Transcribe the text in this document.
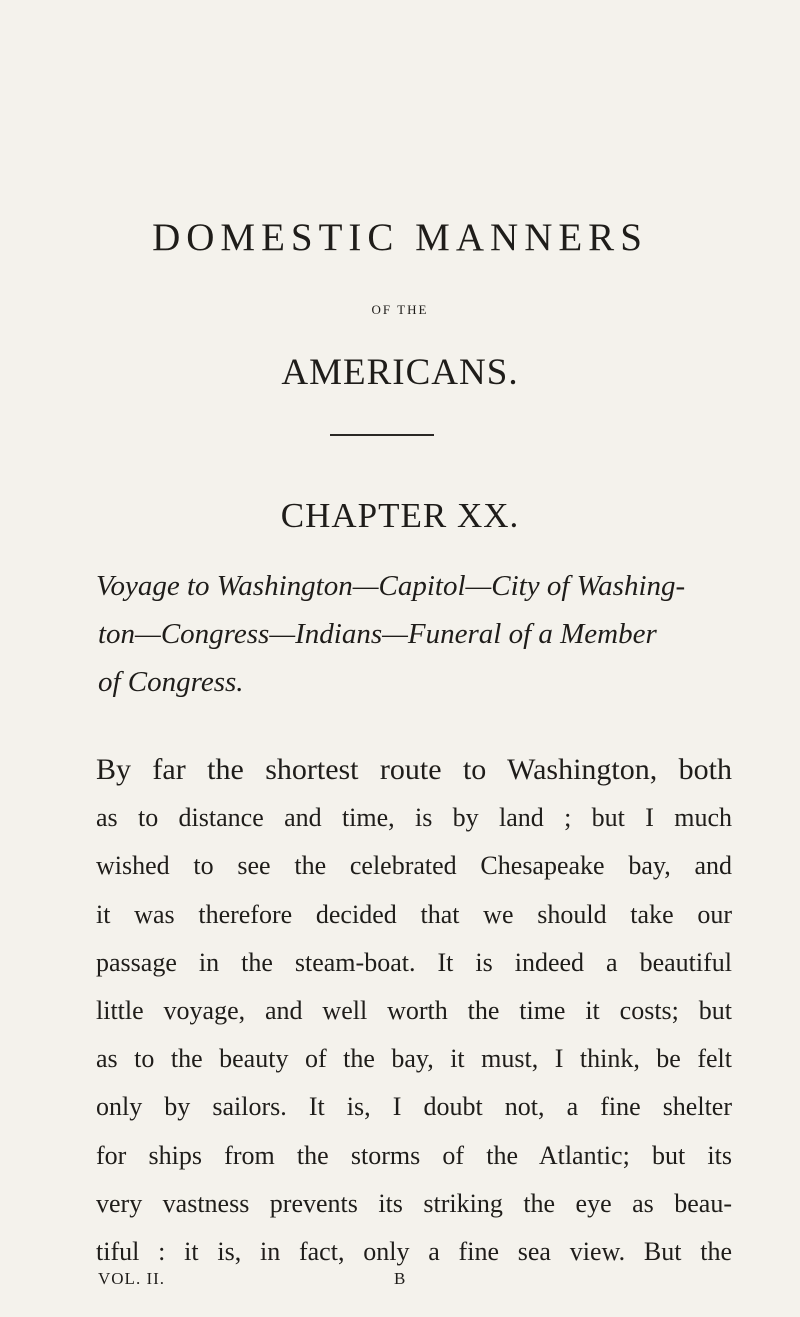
DOMESTIC MANNERS
OF THE
AMERICANS.
CHAPTER XX.
Voyage to Washington—Capitol—City of Washing-
ton—Congress—Indians—Funeral of a Member
of Congress.
By far the shortest route to Washington, both
as to distance and time, is by land ; but I much
wished to see the celebrated Chesapeake bay, and
it was therefore decided that we should take our
passage in the steam-boat. It is indeed a beautiful
little voyage, and well worth the time it costs; but
as to the beauty of the bay, it must, I think, be felt
only by sailors. It is, I doubt not, a fine shelter
for ships from the storms of the Atlantic; but its
very vastness prevents its striking the eye as beau-
tiful : it is, in fact, only a fine sea view. But the
VOL. II.	B
